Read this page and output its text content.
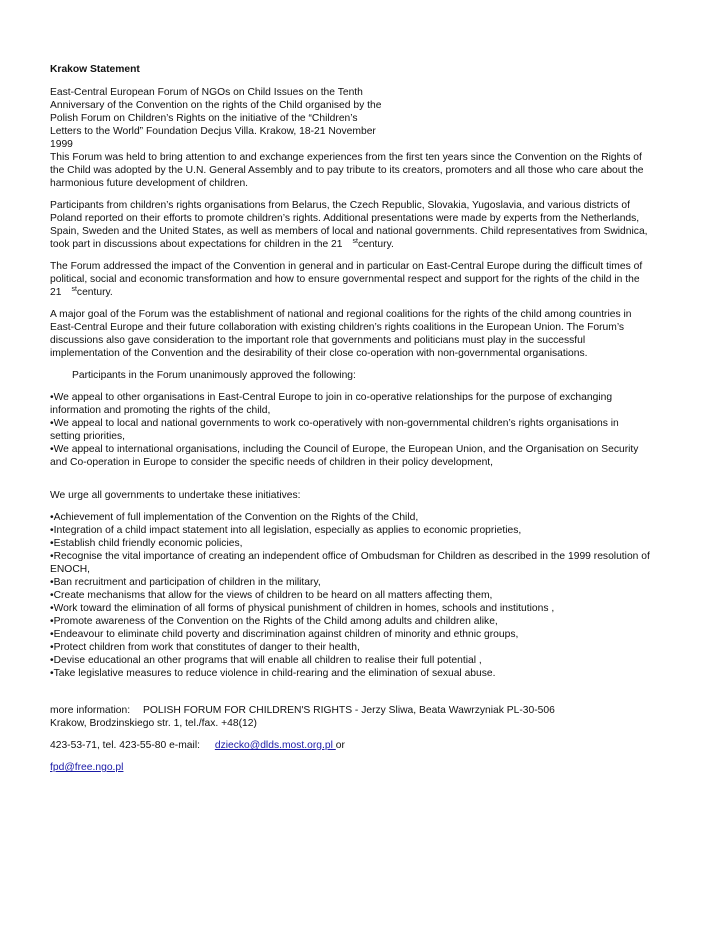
Krakow Statement
East-Central European Forum of NGOs on Child Issues on the Tenth
Anniversary of the Convention on the rights of the Child organised by the
Polish Forum on Children’s Rights on the initiative of the “Children’s
Letters to the World” Foundation Decjus Villa. Krakow, 18-21 November
1999

This Forum was held to bring attention to and exchange experiences from the first ten years since the Convention on the Rights of the Child was adopted by the U.N. General Assembly and to pay tribute to its creators, promoters and all those who care about the harmonious future development of children.

Participants from children’s rights organisations from Belarus, the Czech Republic, Slovakia, Yugoslavia, and various districts of Poland reported on their efforts to promote children’s rights. Additional presentations were made by experts from the Netherlands, Spain, Sweden and the United States, as well as members of local and national governments. Child representatives from Swidnica, took part in discussions about expectations for children in the 21 $^{st}$century.

The Forum addressed the impact of the Convention in general and in particular on East-Central Europe during the difficult times of political, social and economic transformation and how to ensure governmental respect and support for the rights of the child in the 21 $^{st}$century.

A major goal of the Forum was the establishment of national and regional coalitions for the rights of the child among countries in East-Central Europe and their future collaboration with existing children’s rights coalitions in the European Union. The Forum’s discussions also gave consideration to the important role that governments and politicians must play in the successful implementation of the Convention and the desirability of their close co-operation with non-governmental organisations.

Participants in the Forum unanimously approved the following:

•We appeal to other organisations in East-Central Europe to join in co-operative relationships for the purpose of exchanging information and promoting the rights of the child,
•We appeal to local and national governments to work co-operatively with non-governmental children’s rights organisations in setting priorities,
•We appeal to international organisations, including the Council of Europe, the European Union, and the Organisation on Security and Co-operation in Europe to consider the specific needs of children in their policy development,

We urge all governments to undertake these initiatives:

•Achievement of full implementation of the Convention on the Rights of the Child,
•Integration of a child impact statement into all legislation, especially as applies to economic proprieties,
•Establish child friendly economic policies,
•Recognise the vital importance of creating an independent office of Ombudsman for Children as described in the 1999 resolution of ENOCH,
•Ban recruitment and participation of children in the military,
•Create mechanisms that allow for the views of children to be heard on all matters affecting them,
•Work toward the elimination of all forms of physical punishment of children in homes, schools and institutions ,
•Promote awareness of the Convention on the Rights of the Child among adults and children alike,
•Endeavour to eliminate child poverty and discrimination against children of minority and ethnic groups,
•Protect children from work that constitutes of danger to their health,
•Devise educational an other programs that will enable all children to realise their full potential ,
•Take legislative measures to reduce violence in child-rearing and the elimination of sexual abuse.

more information: POLISH FORUM FOR CHILDREN'S RIGHTS - Jerzy Sliwa, Beata Wawrzyniak PL-30-506

Krakow, Brodzinskiego str. 1, tel./fax. +48(12)

423-53-71, tel. 423-55-80 e-mail: dziecko@dlds.most.org.pl or

fpd@free.ngo.pl
